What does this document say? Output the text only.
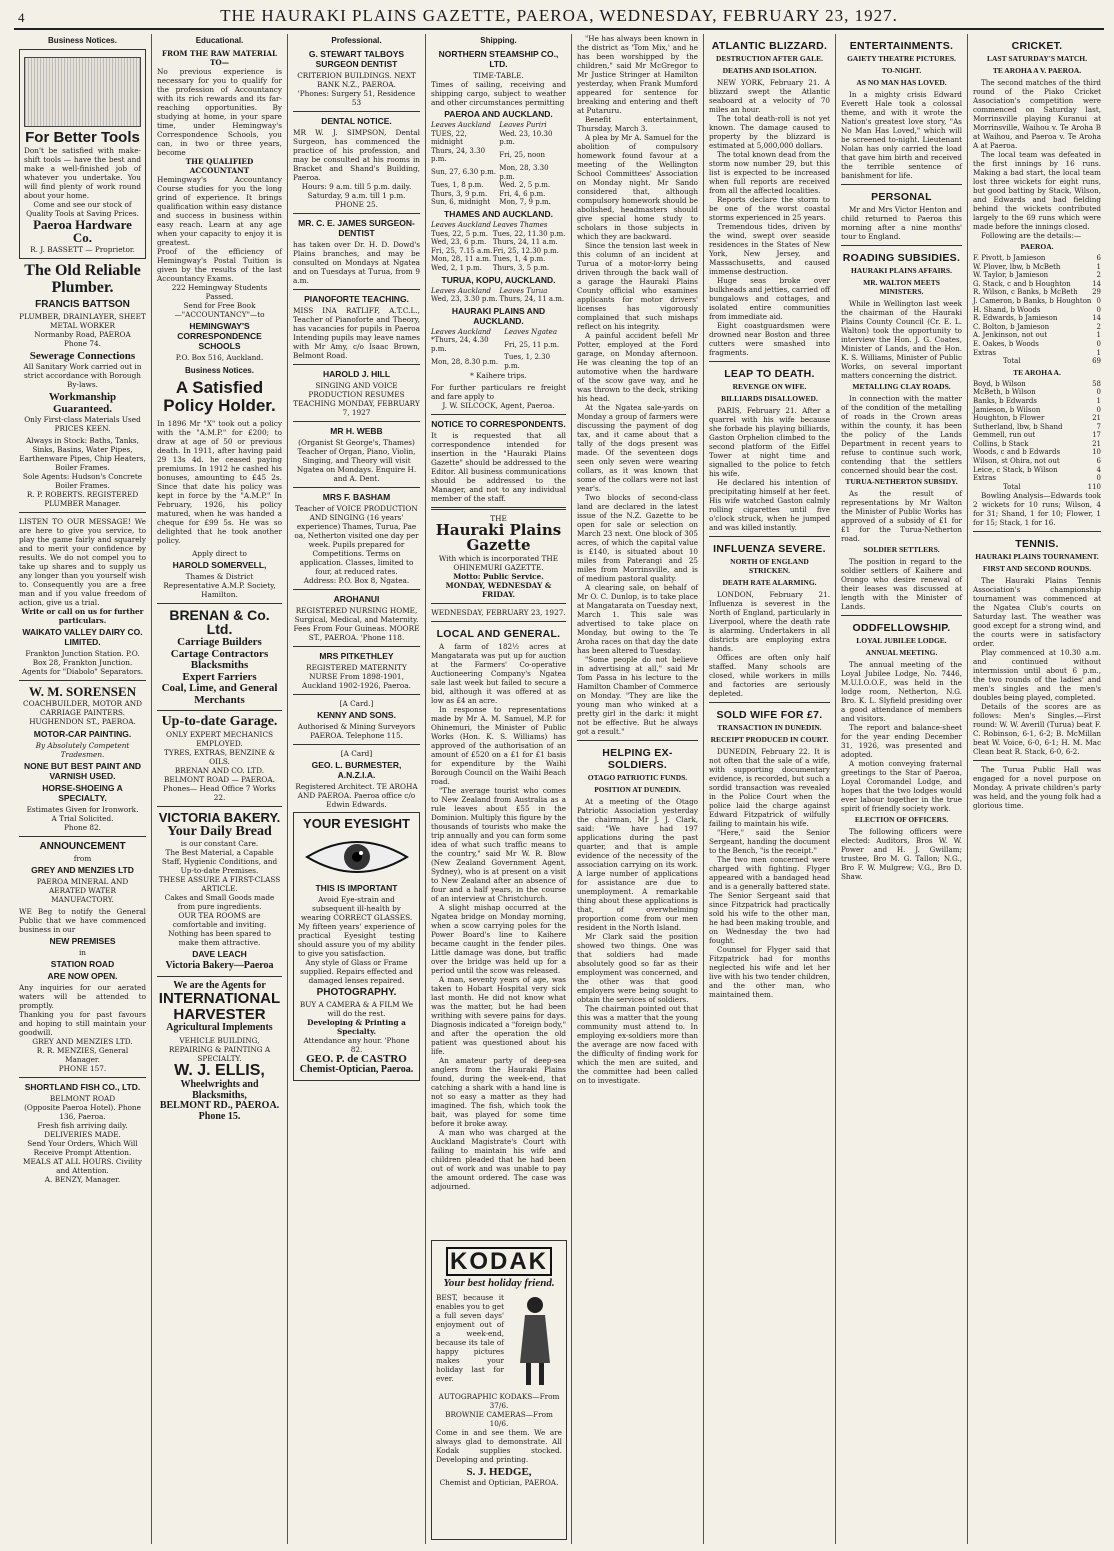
4	THE HAURAKI PLAINS GAZETTE, PAEROA, WEDNESDAY, FEBRUARY 23, 1927.
Business Notices.
For Better Tools
Don't be satisfied with make-shift tools — have the best and make a well-finished job of whatever you undertake. You will find plenty of work round about your home.
Come and see our stock of Quality Tools at Saving Prices.
Paeroa Hardware Co.
R. J. BASSETT — Proprietor.
The Old Reliable Plumber.
FRANCIS BATTSON
PLUMBER, DRAINLAYER, SHEET METAL WORKER
Normanby Road, PAEROA
Phone 74.
Sewerage Connections
All Sanitary Work carried out in strict accordance with Borough By-laws.
Workmanship Guaranteed.
Only First-class Materials Used PRICES KEEN.
Always in Stock: Baths, Tanks, Sinks, Basins, Water Pipes, Earthenware Pipes, Chip Heaters, Boiler Frames.
Sole Agents: Hudson's Concrete Boiler Frames.
R. P. ROBERTS. REGISTERED PLUMBER Manager.
LISTEN TO OUR MESSAGE! We are here to give you service, to play the game fairly and squarely and to merit your confidence by results. We do not compel you to take up shares and to supply us any longer than you yourself wish to. Consequently you are a free man and if you value freedom of action, give us a trial.
Write or call on us for further particulars.
WAIKATO VALLEY DAIRY CO. LIMITED.
Frankton Junction Station. P.O. Box 28, Frankton Junction. Agents for "Diabolo" Separators.
W. M. SORENSEN
COACHBUILDER, MOTOR AND CARRIAGE PAINTERS. HUGHENDON ST., PAEROA.
MOTOR-CAR PAINTING.
By Absolutely Competent Tradesmen.
NONE BUT BEST PAINT AND VARNISH USED.
HORSE-SHOEING A SPECIALTY.
Estimates Given for Ironwork.
A Trial Solicited.
Phone 82.
ANNOUNCEMENT
from
GREY AND MENZIES LTD
PAEROA MINERAL AND AERATED WATER MANUFACTORY.
WE Beg to notify the General Public that we have commenced business in our
NEW PREMISES
in
STATION ROAD
ARE NOW OPEN.
Any inquiries for our aerated waters will be attended to promptly.
Thanking you for past favours and hoping to still maintain your goodwill.
GREY AND MENZIES LTD.
R. R. MENZIES, General Manager.
PHONE 157.
SHORTLAND FISH CO., LTD.
BELMONT ROAD
(Opposite Paeroa Hotel). Phone 136, Paeroa.
Fresh fish arriving daily.
DELIVERIES MADE.
Send Your Orders, Which Will Receive Prompt Attention.
MEALS AT ALL HOURS. Civility and Attention.
A. BENZY, Manager.
Educational.
FROM THE RAW MATERIAL TO—
No previous experience is necessary for you to qualify for the profession of Accountancy with its rich rewards and its far-reaching opportunities. By studying at home, in your spare time, under Hemingway's Correspondence Schools, you can, in two or three years, become
THE QUALIFIED ACCOUNTANT
Hemingway's Accountancy Course studies for you the long grind of experience. It brings qualification within easy distance and success in business within easy reach. Learn at any age when your capacity to enjoy it is greatest.
Proof of the efficiency of Hemingway's Postal Tuition is given by the results of the last Accountancy Exams.
222 Hemingway Students Passed.
Send for Free Book—"ACCOUNTANCY"—to
HEMINGWAY'S CORRESPONDENCE SCHOOLS
P.O. Box 516, Auckland.
Business Notices.
A Satisfied Policy Holder.
In 1896 Mr "X" took out a policy with the "A.M.P." for £200; to draw at age of 50 or previous death. In 1911, after having paid 29 13s 4d. he ceased paying premiums. In 1912 he cashed his bonuses, amounting to £45 2s. Since that date his policy was kept in force by the "A.M.P." In February, 1926, his policy matured, when he was handed a cheque for £99 5s. He was so delighted that he took another policy.
Apply direct to
HAROLD SOMERVELL,
Thames & District Representative A.M.P. Society, Hamilton.
BRENAN & Co. Ltd.
Carriage Builders
Cartage Contractors
Blacksmiths
Expert Farriers
Coal, Lime, and General Merchants
Up-to-date Garage.
ONLY EXPERT MECHANICS EMPLOYED.
TYRES, EXTRAS, BENZINE & OILS.
BRENAN AND CO. LTD.
BELMONT ROAD — PAEROA.
Phones— Head Office 7 Works 22.
VICTORIA BAKERY.
Your Daily Bread
is our constant Care.
The Best Material, a Capable Staff, Hygienic Conditions, and Up-to-date Premises.
THESE ASSURE A FIRST-CLASS ARTICLE.
Cakes and Small Goods made from pure ingredients.
OUR TEA ROOMS are comfortable and inviting. Nothing has been spared to make them attractive.
DAVE LEACH
Victoria Bakery—Paeroa
We are the Agents for
INTERNATIONAL HARVESTER
Agricultural Implements
VEHICLE BUILDING, REPAIRING & PAINTING A SPECIALTY.
W. J. ELLIS,
Wheelwrights and Blacksmiths,
BELMONT RD., PAEROA.
Phone 15.
Professional.
G. STEWART TALBOYS SURGEON DENTIST
CRITERION BUILDINGS. NEXT BANK N.Z., PAEROA.
'Phones: Surgery 51, Residence 53
DENTAL NOTICE.
MR W. J. SIMPSON, Dental Surgeon, has commenced the practice of his profession, and may be consulted at his rooms in Bracket and Shand's Building, Paeroa.
Hours: 9 a.m. till 5 p.m. daily. Saturday, 9 a.m. till 1 p.m.
PHONE 25.
MR. C. E. JAMES SURGEON-DENTIST
has taken over Dr. H. D. Dowd's Plains branches, and may be consulted on Mondays at Ngatea and on Tuesdays at Turua, from 9 a.m.
PIANOFORTE TEACHING.
MISS INA RATLIFF, A.T.C.L., Teacher of Pianoforte and Theory, has vacancies for pupils in Paeroa Intending pupils may leave names with Mr Amy, c/o Isaac Brown, Belmont Road.
HAROLD J. HILL
SINGING AND VOICE PRODUCTION RESUMES TEACHING MONDAY, FEBRUARY 7, 1927
MR H. WEBB
(Organist St George's, Thames) Teacher of Organ, Piano, Violin, Singing, and Theory will visit Ngatea on Mondays. Enquire H. and A. Dent.
MRS F. BASHAM
Teacher of VOICE PRODUCTION AND SINGING (16 years' experience) Thames, Turua, Pae oa, Netherton visited one day per week. Pupils prepared for Competitions. Terms on application. Classes, limited to four, at reduced rates.
Address: P.O. Box 8, Ngatea.
AROHANUI
REGISTERED NURSING HOME, Surgical, Medical, and Maternity. Fees From Four Guineas. MOORE ST., PAEROA. 'Phone 118.
MRS PITKETHLEY
REGISTERED MATERNITY NURSE From 1898-1901, Auckland 1902-1926, Paeroa.
[A Card.]
KENNY AND SONS.
Authorised & Mining Surveyors PAEROA. Telephone 115.
[A Card]
GEO. L. BURMESTER, A.N.Z.I.A.
Registered Architect. TE AROHA AND PAEROA. Paeroa office c/o Edwin Edwards.
YOUR EYESIGHT
THIS IS IMPORTANT
Avoid Eye-strain and subsequent ill-health by wearing CORRECT GLASSES.
My fifteen years' experience of practical Eyesight testing should assure you of my ability to give you satisfaction.
Any style of Glass or Frame supplied. Repairs effected and damaged lenses repaired.
PHOTOGRAPHY.
BUY A CAMERA & A FILM We will do the rest.
Developing & Printing a Specialty.
Attendance any hour. 'Phone 82.
GEO. P. de CASTRO
Chemist-Optician, Paeroa.
Shipping.
NORTHERN STEAMSHIP CO., LTD.
TIME-TABLE.
Times of sailing, receiving and shipping cargo, subject to weather and other circumstances permitting
PAEROA AND AUCKLAND.
Leaves Auckland	Leaves Puriri
TUES, 22, midnight	Wed. 23, 10.30 p.m.
Thurs, 24, 3.30 p.m.	Fri, 25, noon
Sun, 27, 6.30 p.m.	Mon, 28, 3.30 p.m.
Tues, 1, 8 p.m.	Wed. 2, 5 p.m.
Thurs, 3, 9 p.m.	Fri, 4, 6 p.m.
Sun, 6, midnight	Mon, 7, 9 p.m.
THAMES AND AUCKLAND.
Leaves Auckland	Leaves Thames
Tues, 22, 5 p.m.	Tues, 22, 11.30 p.m.
Wed, 23, 6 p.m.	Thurs, 24, 11 a.m.
Fri, 25, 7.15 a.m.	Fri, 25, 12.30 p.m.
Mon, 28, 11 a.m.	Tues, 1, 4 p.m.
Wed, 2, 1 p.m.	Thurs, 3, 5 p.m.
TURUA, KOPU, AUCKLAND.
Leaves Auckland	Leaves Turua
Wed, 23, 3.30 p.m.	Thurs, 24, 11 a.m.
HAURAKI PLAINS AND AUCKLAND.
Leaves Auckland	Leaves Ngatea
*Thurs, 24, 4.30 p.m.	Fri, 25, 11 p.m.
Mon, 28, 8.30 p.m.	Tues, 1, 2.30 p.m.
* Kaihere trips.
For further particulars re freight and fare apply to
J. W. SILCOCK, Agent, Paeroa.
NOTICE TO CORRESPONDENTS.
It is requested that all correspondence intended for insertion in the "Hauraki Plains Gazette" should be addressed to the Editor. All business communications should be addressed to the Manager, and not to any individual member of the staff.
THE
Hauraki Plains Gazette
With which is incorporated THE OHINEMURI GAZETTE.
Motto: Public Service.
MONDAY, WEDNESDAY & FRIDAY.
WEDNESDAY, FEBRUARY 23, 1927.
LOCAL AND GENERAL.
A farm of 182½ acres at Mangatarata was put up for auction at the Farmers' Co-operative Auctioneering Company's Ngatea sale last week but failed to secure a bid, although it was offered at as low as £4 an acre.
In response to representations made by Mr A. M. Samuel, M.P. for Ohinemuri, the Minister of Public Works (Hon. K. S. Williams) has approved of the authorisation of an amount of £520 on a £1 for £1 basis for expenditure by the Waihi Borough Council on the Waihi Beach road.
"The average tourist who comes to New Zealand from Australia as a rule leaves about £55 in the Dominion. Multiply this figure by the thousands of tourists who make the trip annually and you can form some idea of what such traffic means to the country," said Mr W. R. Blow (New Zealand Government Agent, Sydney), who is at present on a visit to New Zealand after an absence of four and a half years, in the course of an interview at Christchurch.
A slight mishap occurred at the Ngatea bridge on Monday morning, when a scow carrying poles for the Power Board's line to Kaihere became caught in the fender piles. Little damage was done, but traffic over the bridge was held up for a period until the scow was released.
A man, seventy years of age, was taken to Hobart Hospital very sick last month. He did not know what was the matter, but he had been writhing with severe pains for days. Diagnosis indicated a "foreign body," and after the operation the old patient was questioned about his life.
An amateur party of deep-sea anglers from the Hauraki Plains found, during the week-end, that catching a shark with a hand line is not so easy a matter as they had imagined. The fish, which took the bait, was played for some time before it broke away.
A man who was charged at the Auckland Magistrate's Court with failing to maintain his wife and children pleaded that he had been out of work and was unable to pay the amount ordered. The case was adjourned.
KODAK
Your best holiday friend.
BEST, because it enables you to get a full seven days' enjoyment out of a week-end, because its tale of happy pictures makes your holiday last for ever.
AUTOGRAPHIC KODAKS—From 37/6.
BROWNIE CAMERAS—From 10/6.
Come in and see them. We are always glad to demonstrate. All Kodak supplies stocked. Developing and printing.
S. J. HEDGE,
Chemist and Optician, PAEROA.
"He has always been known in the district as 'Tom Mix,' and he has been worshipped by the children," said Mr McGregor to Mr Justice Stringer at Hamilton yesterday, when Frank Mumford appeared for sentence for breaking and entering and theft at Putaruru.
Benefit entertainment, Thursday, March 3.
A plea by Mr A. Samuel for the abolition of compulsory homework found favour at a meeting of the Wellington School Committees' Association on Monday night. Mr Sando considered that, although compulsory homework should be abolished, headmasters should give special home study to scholars in those subjects in which they are backward.
Since the tension last week in this column of an incident at Turua of a motor-lorry being driven through the back wall of a garage the Hauraki Plains County official who examines applicants for motor drivers' licenses has vigorously complained that such mishaps reflect on his integrity.
A painful accident befell Mr Potter, employed at the Ford garage, on Monday afternoon. He was cleaning the top of an automotive when the hardware of the scow gave way, and he was thrown to the deck, striking his head.
At the Ngatea sale-yards on Monday a group of farmers were discussing the payment of dog tax, and it came about that a tally of the dogs present was made. Of the seventeen dogs seen only seven were wearing collars, as it was known that some of the collars were not last year's.
Two blocks of second-class land are declared in the latest issue of the N.Z. Gazette to be open for sale or selection on March 23 next. One block of 305 acres, of which the capital value is £140, is situated about 10 miles from Paterangi and 25 miles from Morrinsville, and is of medium pastoral quality.
A clearing sale, on behalf of Mr O. C. Dunlop, is to take place at Mangatarata on Tuesday next, March 1. This sale was advertised to take place on Monday, but owing to the Te Aroha races on that day the date has been altered to Tuesday.
"Some people do not believe in advertising at all," said Mr Tom Passa in his lecture to the Hamilton Chamber of Commerce on Monday. "They are like the young man who winked at a pretty girl in the dark: it might not be effective. But he always got a result."
HELPING EX-SOLDIERS.
OTAGO PATRIOTIC FUNDS.
POSITION AT DUNEDIN.
At a meeting of the Otago Patriotic Association yesterday the chairman, Mr J. J. Clark, said: "We have had 197 applications during the past quarter, and that is ample evidence of the necessity of the association carrying on its work. A large number of applications for assistance are due to unemployment. A remarkable thing about these applications is that, of overwhelming proportion come from our men resident in the North Island.
Mr Clark said the position showed two things. One was that soldiers had made absolutely good so far as their employment was concerned, and the other was that good employers were being sought to obtain the services of soldiers.
The chairman pointed out that this was a matter that the young community must attend to. In employing ex-soldiers more than the average are now faced with the difficulty of finding work for which the men are suited, and the committee had been called on to investigate.
ATLANTIC BLIZZARD.
DESTRUCTION AFTER GALE.
DEATHS AND ISOLATION.
NEW YORK, February 21. A blizzard swept the Atlantic seaboard at a velocity of 70 miles an hour.
The total death-roll is not yet known. The damage caused to property by the blizzard is estimated at 5,000,000 dollars.
The total known dead from the storm now number 29, but this list is expected to be increased when full reports are received from all the affected localities.
Reports declare the storm to be one of the worst coastal storms experienced in 25 years.
Tremendous tides, driven by the wind, swept over seaside residences in the States of New York, New Jersey, and Massachusetts, and caused immense destruction.
Huge seas broke over bulkheads and jetties, carried off bungalows and cottages, and isolated entire communities from immediate aid.
Eight coastguardsmen were drowned near Boston and three cutters were smashed into fragments.
LEAP TO DEATH.
REVENGE ON WIFE.
BILLIARDS DISALLOWED.
PARIS, February 21. After a quarrel with his wife because she forbade his playing billiards, Gaston Orphelion climbed to the second platform of the Eiffel Tower at night time and signalled to the police to fetch his wife.
He declared his intention of precipitating himself at her feet. His wife watched Gaston calmly rolling cigarettes until five o'clock struck, when he jumped and was killed instantly.
INFLUENZA SEVERE.
NORTH OF ENGLAND STRICKEN.
DEATH RATE ALARMING.
LONDON, February 21. Influenza is severest in the North of England, particularly in Liverpool, where the death rate is alarming. Undertakers in all districts are employing extra hands.
Offices are often only half staffed. Many schools are closed, while workers in mills and factories are seriously depleted.
SOLD WIFE FOR £7.
TRANSACTION IN DUNEDIN.
RECEIPT PRODUCED IN COURT.
DUNEDIN, February 22. It is not often that the sale of a wife, with supporting documentary evidence, is recorded, but such a sordid transaction was revealed in the Police Court when the police laid the charge against Edward Fitzpatrick of wilfully failing to maintain his wife.
"Here," said the Senior Sergeant, handing the document to the Bench, "is the receipt."
The two men concerned were charged with fighting. Flyger appeared with a bandaged head and is a generally battered state. The Senior Sergeant said that since Fitzpatrick had practically sold his wife to the other man, he had been making trouble, and on Wednesday the two had fought.
Counsel for Flyger said that Fitzpatrick had for months neglected his wife and let her live with his two tender children, and the other man, who maintained them.
ENTERTAINMENTS.
GAIETY THEATRE PICTURES.
TO-NIGHT.
AS NO MAN HAS LOVED.
In a mighty crisis Edward Everett Hale took a colossal theme, and with it wrote the Nation's greatest love story, "As No Man Has Loved," which will be screened to-night. Lieutenant Nolan has only carried the load that gave him birth and received the terrible sentence of banishment for life.
PERSONAL
Mr and Mrs Victor Henton and child returned to Paeroa this morning after a nine months' tour to England.
ROADING SUBSIDIES.
HAURAKI PLAINS AFFAIRS.
MR. WALTON MEETS MINISTERS.
While in Wellington last week the chairman of the Hauraki Plains County Council (Cr. E. L. Walton) took the opportunity to interview the Hon. J. G. Coates, Minister of Lands, and the Hon. K. S. Williams, Minister of Public Works, on several important matters concerning the district.
METALLING CLAY ROADS.
In connection with the matter of the condition of the metalling of roads in the Crown areas within the county, it has been the policy of the Lands Department in recent years to refuse to continue such work, contending that the settlers concerned should bear the cost.
TURUA-NETHERTON SUBSIDY.
As the result of representations by Mr Walton the Minister of Public Works has approved of a subsidy of £1 for £1 for the Turua-Netherton road.
SOLDIER SETTLERS.
The position in regard to the soldier settlers of Kaihere and Orongo who desire renewal of their leases was discussed at length with the Minister of Lands.
ODDFELLOWSHIP.
LOYAL JUBILEE LODGE.
ANNUAL MEETING.
The annual meeting of the Loyal Jubilee Lodge, No. 7446, M.U.I.O.O.F., was held in the lodge room, Netherton, N.G. Bro. K. L. Slyfield presiding over a good attendance of members and visitors.
The report and balance-sheet for the year ending December 31, 1926, was presented and adopted.
A motion conveying fraternal greetings to the Star of Paeroa, Loyal Coromandel Lodge, and hopes that the two lodges would ever labour together in the true spirit of friendly society work.
ELECTION OF OFFICERS.
The following officers were elected: Auditors, Bros W. W. Power and H. J. Gwillam; trustee, Bro M. G. Tallon; N.G., Bro F. W. Mulgrew; V.G., Bro D. Shaw.
CRICKET.
LAST SATURDAY'S MATCH.
TE AROHA A V. PAEROA.
The second matches of the third round of the Piako Cricket Association's competition were commenced on Saturday last, Morrinsville playing Kuranui at Morrinsville, Waihou v. Te Aroha B at Waihou, and Paeroa v. Te Aroha A at Paeroa.
The local team was defeated in the first innings by 16 runs. Making a bad start, the local team lost three wickets for eight runs, but good batting by Stack, Wilson, and Edwards and bad fielding behind the wickets contributed largely to the 69 runs which were made before the innings closed.
Following are the details:—
PAEROA.
F. Pivott, b Jamieson	6
W. Plover, lbw, b McBeth	1
W. Taylor, b Jamieson	2
G. Stack, c and b Houghton	14
R. Wilson, c Banks, b McBeth	29
J. Cameron, b Banks, b Houghton	0
H. Shand, b Woods	0
R. Edwards, b Jamieson	14
C. Bolton, b Jamieson	2
A. Jenkinson, not out	1
E. Oakes, b Woods	0
Extras	1
Total	69
TE AROHA A.
Boyd, b Wilson	58
McBeth, b Wilson	0
Banks, b Edwards	1
Jamieson, b Wilson	0
Houghton, b Flower	21
Sutherland, lbw, b Shand	7
Gemmell, run out	17
Collins, b Stack	21
Woods, c and b Edwards	10
Wilson, st Ohira, not out	6
Leice, c Stack, b Wilson	4
Extras	0
Total	110
Bowling Analysis—Edwards took 2 wickets for 10 runs; Wilson, 4 for 31; Shand, 1 for 10; Flower, 1 for 15; Stack, 1 for 16.
TENNIS.
HAURAKI PLAINS TOURNAMENT.
FIRST AND SECOND ROUNDS.
The Hauraki Plains Tennis Association's championship tournament was commenced at the Ngatea Club's courts on Saturday last. The weather was good except for a strong wind, and the courts were in satisfactory order.
Play commenced at 10.30 a.m. and continued without intermission until about 6 p.m., the two rounds of the ladies' and men's singles and the men's doubles being played, completed.
Details of the scores are as follows: Men's Singles.—First round: W. W. Averill (Turua) beat F. C. Robinson, 6-1, 6-2; B. McMillan beat W. Voice, 6-0, 6-1; H. M. Mac Clean beat R. Stack, 6-0, 6-2.
The Turua Public Hall was engaged for a novel purpose on Monday. A private children's party was held, and the young folk had a glorious time.
